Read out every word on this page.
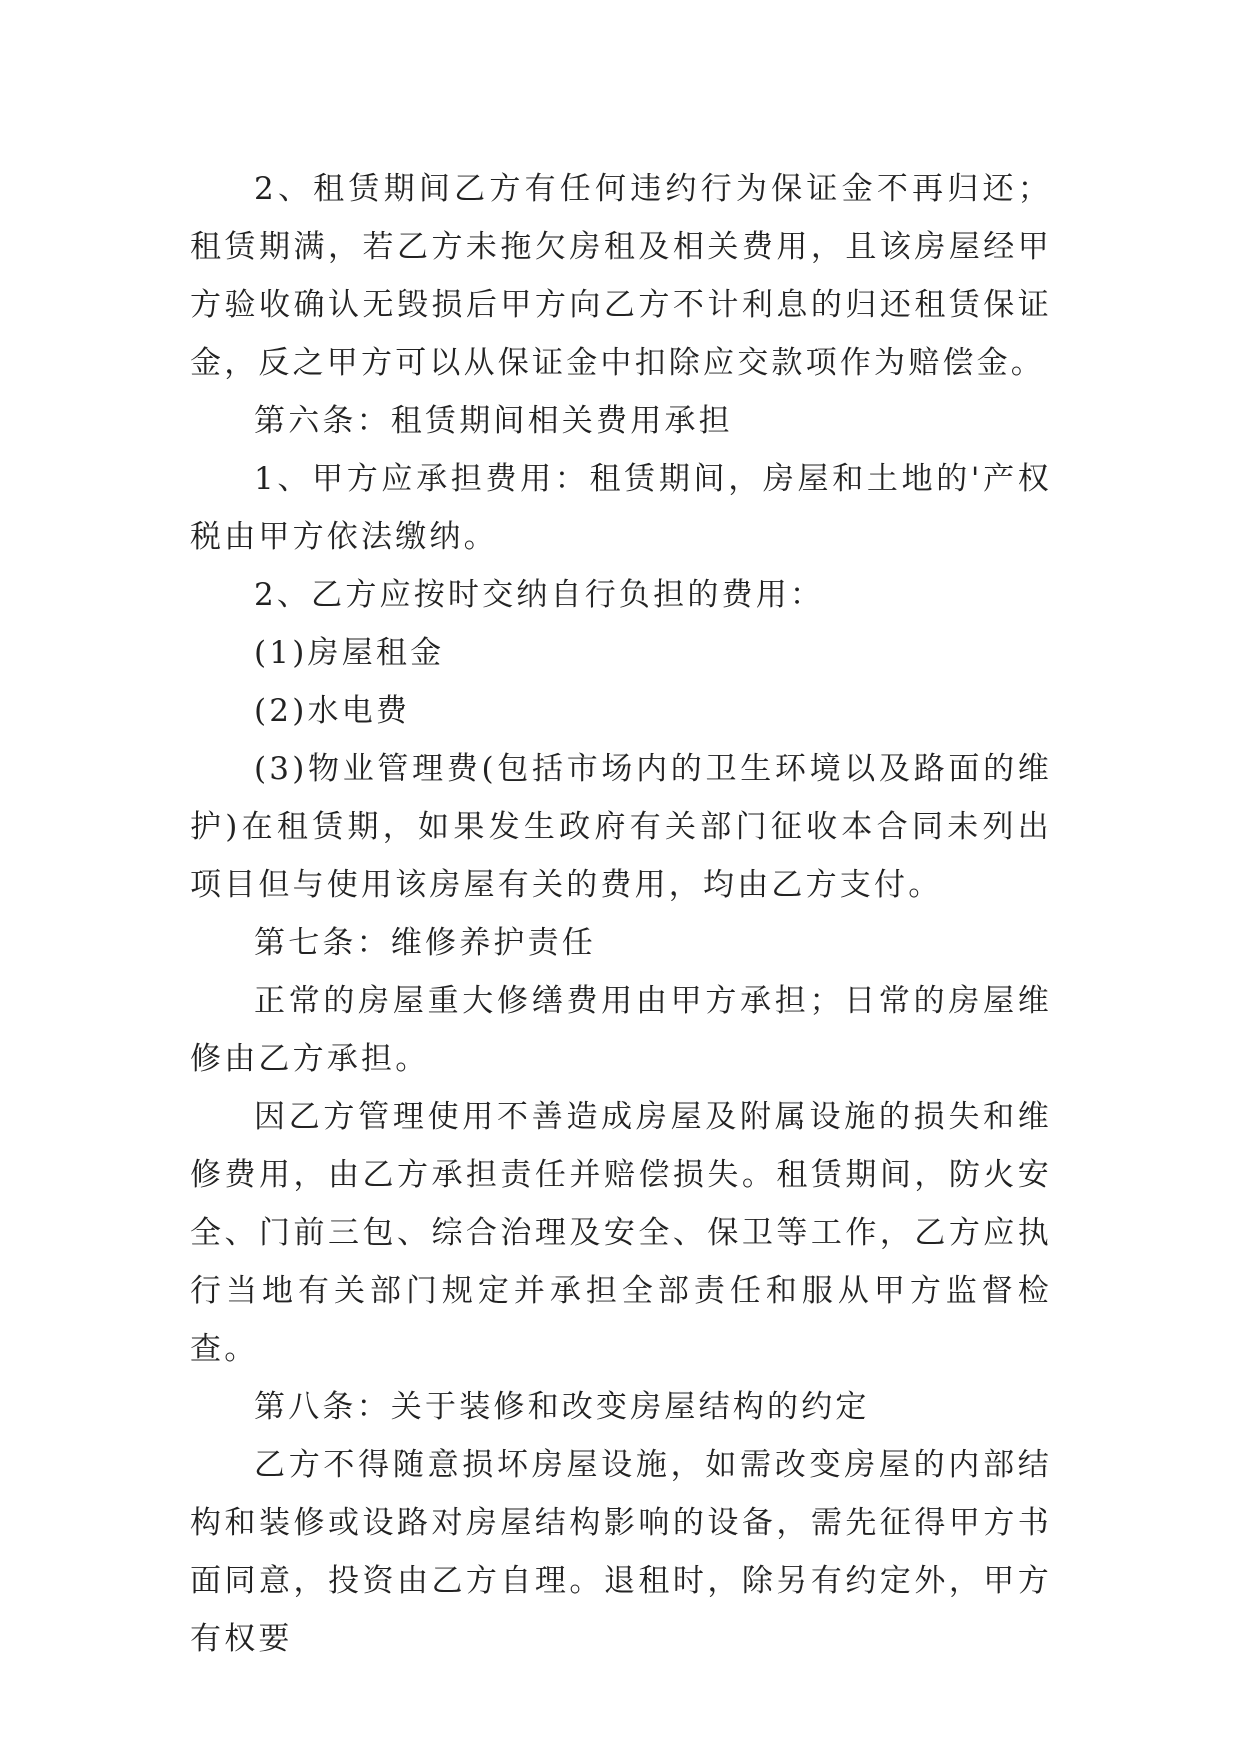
2、租赁期间乙方有任何违约行为保证金不再归还；租赁期满，若乙方未拖欠房租及相关费用，且该房屋经甲方验收确认无毁损后甲方向乙方不计利息的归还租赁保证金，反之甲方可以从保证金中扣除应交款项作为赔偿金。

第六条：租赁期间相关费用承担

1、甲方应承担费用：租赁期间，房屋和土地的'产权税由甲方依法缴纳。

2、乙方应按时交纳自行负担的费用：

(1)房屋租金

(2)水电费

(3)物业管理费(包括市场内的卫生环境以及路面的维护)在租赁期，如果发生政府有关部门征收本合同未列出项目但与使用该房屋有关的费用，均由乙方支付。

第七条：维修养护责任

正常的房屋重大修缮费用由甲方承担；日常的房屋维修由乙方承担。

因乙方管理使用不善造成房屋及附属设施的损失和维修费用，由乙方承担责任并赔偿损失。租赁期间，防火安全、门前三包、综合治理及安全、保卫等工作，乙方应执行当地有关部门规定并承担全部责任和服从甲方监督检查。

第八条：关于装修和改变房屋结构的约定

乙方不得随意损坏房屋设施，如需改变房屋的内部结构和装修或设路对房屋结构影响的设备，需先征得甲方书面同意，投资由乙方自理。退租时，除另有约定外，甲方有权要
